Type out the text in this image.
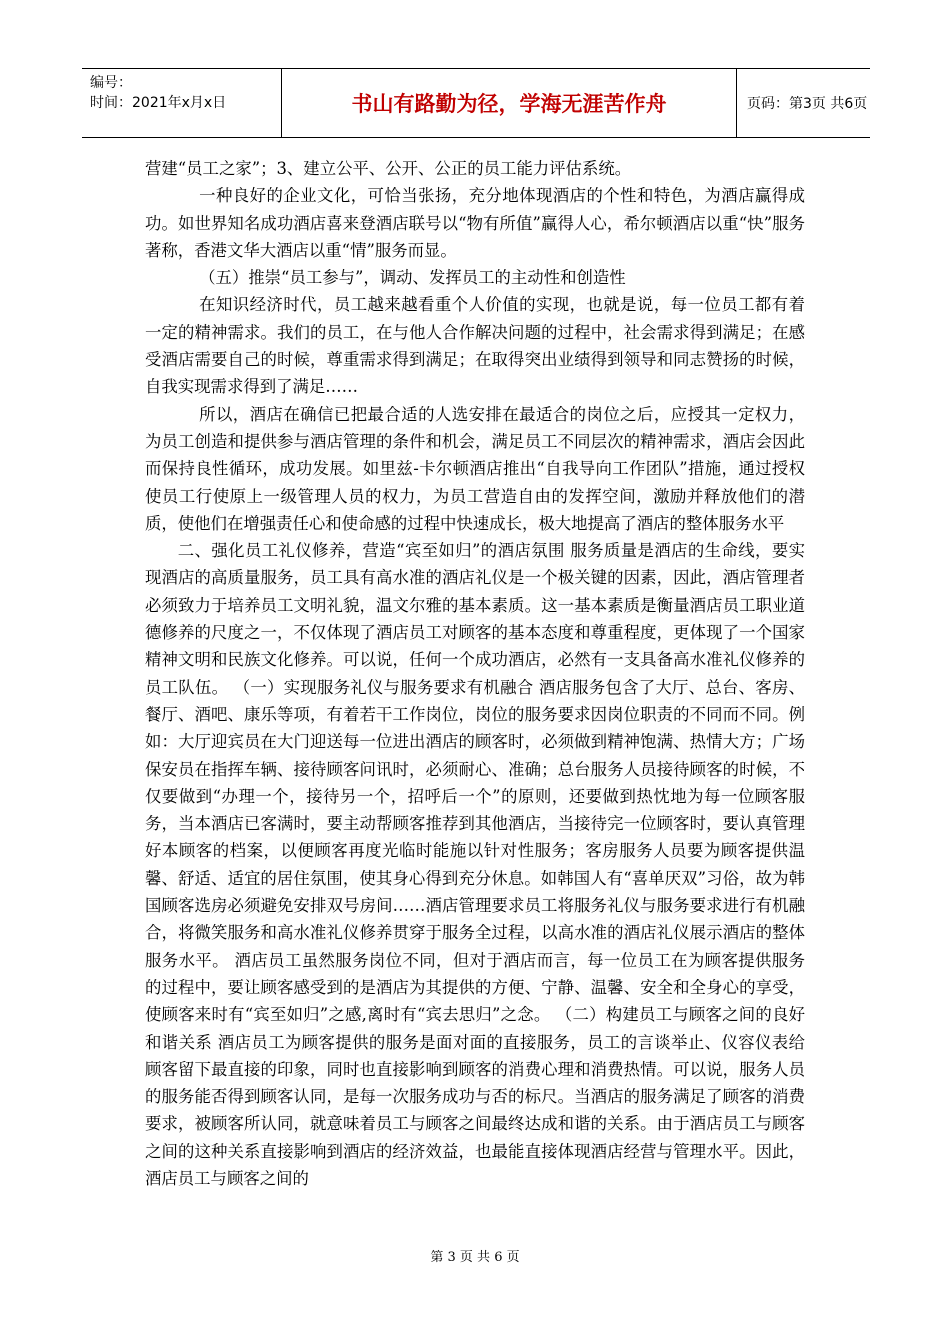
编号：
时间：2021年x月x日	书山有路勤为径，学海无涯苦作舟	页码：第3页 共6页

营建“员工之家”；3、建立公平、公开、公正的员工能力评估系统。

一种良好的企业文化，可恰当张扬，充分地体现酒店的个性和特色，为酒店赢得成功。如世界知名成功酒店喜来登酒店联号以“物有所值”赢得人心，希尔顿酒店以重“快”服务著称，香港文华大酒店以重“情”服务而显。

（五）推崇“员工参与”，调动、发挥员工的主动性和创造性

在知识经济时代，员工越来越看重个人价值的实现，也就是说，每一位员工都有着一定的精神需求。我们的员工，在与他人合作解决问题的过程中，社会需求得到满足；在感受酒店需要自己的时候，尊重需求得到满足；在取得突出业绩得到领导和同志赞扬的时候，自我实现需求得到了满足……

所以，酒店在确信已把最合适的人选安排在最适合的岗位之后，应授其一定权力，为员工创造和提供参与酒店管理的条件和机会，满足员工不同层次的精神需求，酒店会因此而保持良性循环，成功发展。如里兹-卡尔顿酒店推出“自我导向工作团队”措施，通过授权使员工行使原上一级管理人员的权力，为员工营造自由的发挥空间，激励并释放他们的潜质，使他们在增强责任心和使命感的过程中快速成长，极大地提高了酒店的整体服务水平

二、强化员工礼仪修养，营造“宾至如归”的酒店氛围 服务质量是酒店的生命线，要实现酒店的高质量服务，员工具有高水准的酒店礼仪是一个极关键的因素，因此，酒店管理者必须致力于培养员工文明礼貌，温文尔雅的基本素质。这一基本素质是衡量酒店员工职业道德修养的尺度之一，不仅体现了酒店员工对顾客的基本态度和尊重程度，更体现了一个国家精神文明和民族文化修养。可以说，任何一个成功酒店，必然有一支具备高水准礼仪修养的员工队伍。 （一）实现服务礼仪与服务要求有机融合 酒店服务包含了大厅、总台、客房、餐厅、酒吧、康乐等项，有着若干工作岗位，岗位的服务要求因岗位职责的不同而不同。例如：大厅迎宾员在大门迎送每一位进出酒店的顾客时，必须做到精神饱满、热情大方；广场保安员在指挥车辆、接待顾客问讯时，必须耐心、准确；总台服务人员接待顾客的时候，不仅要做到“办理一个，接待另一个，招呼后一个”的原则，还要做到热忱地为每一位顾客服务，当本酒店已客满时，要主动帮顾客推荐到其他酒店，当接待完一位顾客时，要认真管理好本顾客的档案，以便顾客再度光临时能施以针对性服务；客房服务人员要为顾客提供温馨、舒适、适宜的居住氛围，使其身心得到充分休息。如韩国人有“喜单厌双”习俗，故为韩国顾客选房必须避免安排双号房间……酒店管理要求员工将服务礼仪与服务要求进行有机融合，将微笑服务和高水准礼仪修养贯穿于服务全过程，以高水准的酒店礼仪展示酒店的整体服务水平。 酒店员工虽然服务岗位不同，但对于酒店而言，每一位员工在为顾客提供服务的过程中，要让顾客感受到的是酒店为其提供的方便、宁静、温馨、安全和全身心的享受，使顾客来时有“宾至如归”之感,离时有“宾去思归”之念。 （二）构建员工与顾客之间的良好和谐关系 酒店员工为顾客提供的服务是面对面的直接服务，员工的言谈举止、仪容仪表给顾客留下最直接的印象，同时也直接影响到顾客的消费心理和消费热情。可以说，服务人员的服务能否得到顾客认同，是每一次服务成功与否的标尺。当酒店的服务满足了顾客的消费要求，被顾客所认同，就意味着员工与顾客之间最终达成和谐的关系。由于酒店员工与顾客之间的这种关系直接影响到酒店的经济效益，也最能直接体现酒店经营与管理水平。因此，酒店员工与顾客之间的

第 3 页 共 6 页
